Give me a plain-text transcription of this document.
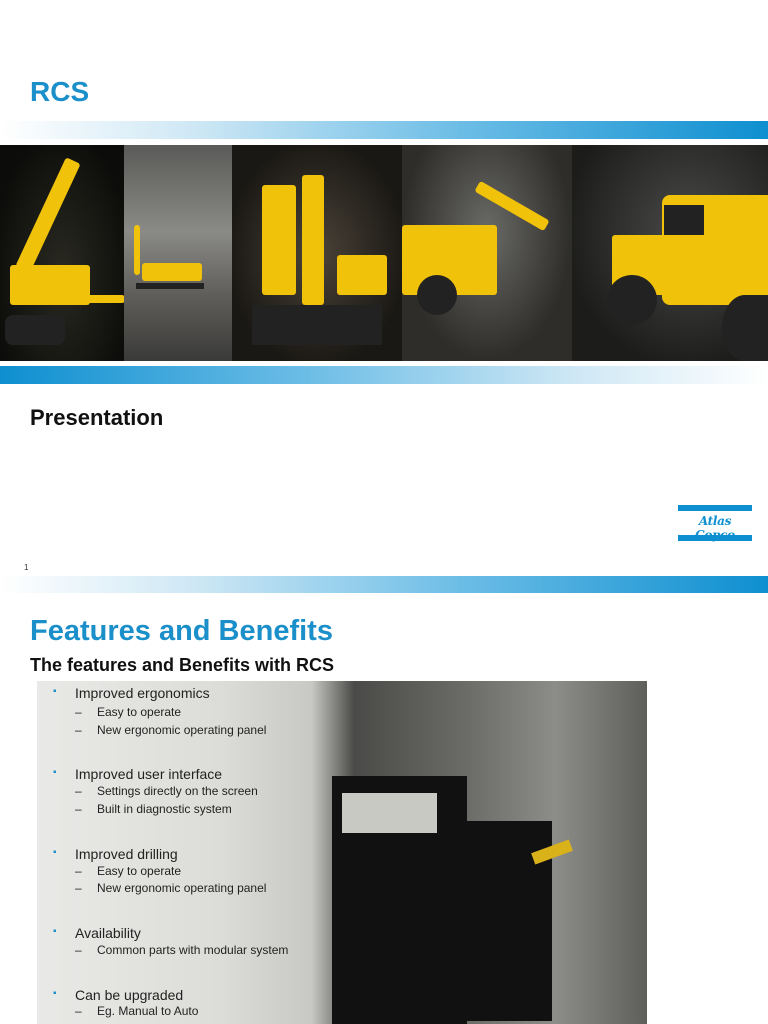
RCS
Presentation
Atlas
1
Features and Benefits
The features and Benefits with RCS
▪ Improved ergonomics
– Easy to operate
– New ergonomic operating panel
▪ Improved user interface
– Settings directly on the screen
– Built in diagnostic system
▪ Improved drilling
– Easy to operate
– New ergonomic operating panel
▪ Availability
– Common parts with modular system
▪ Can be upgraded
– Eg. Manual to Auto
